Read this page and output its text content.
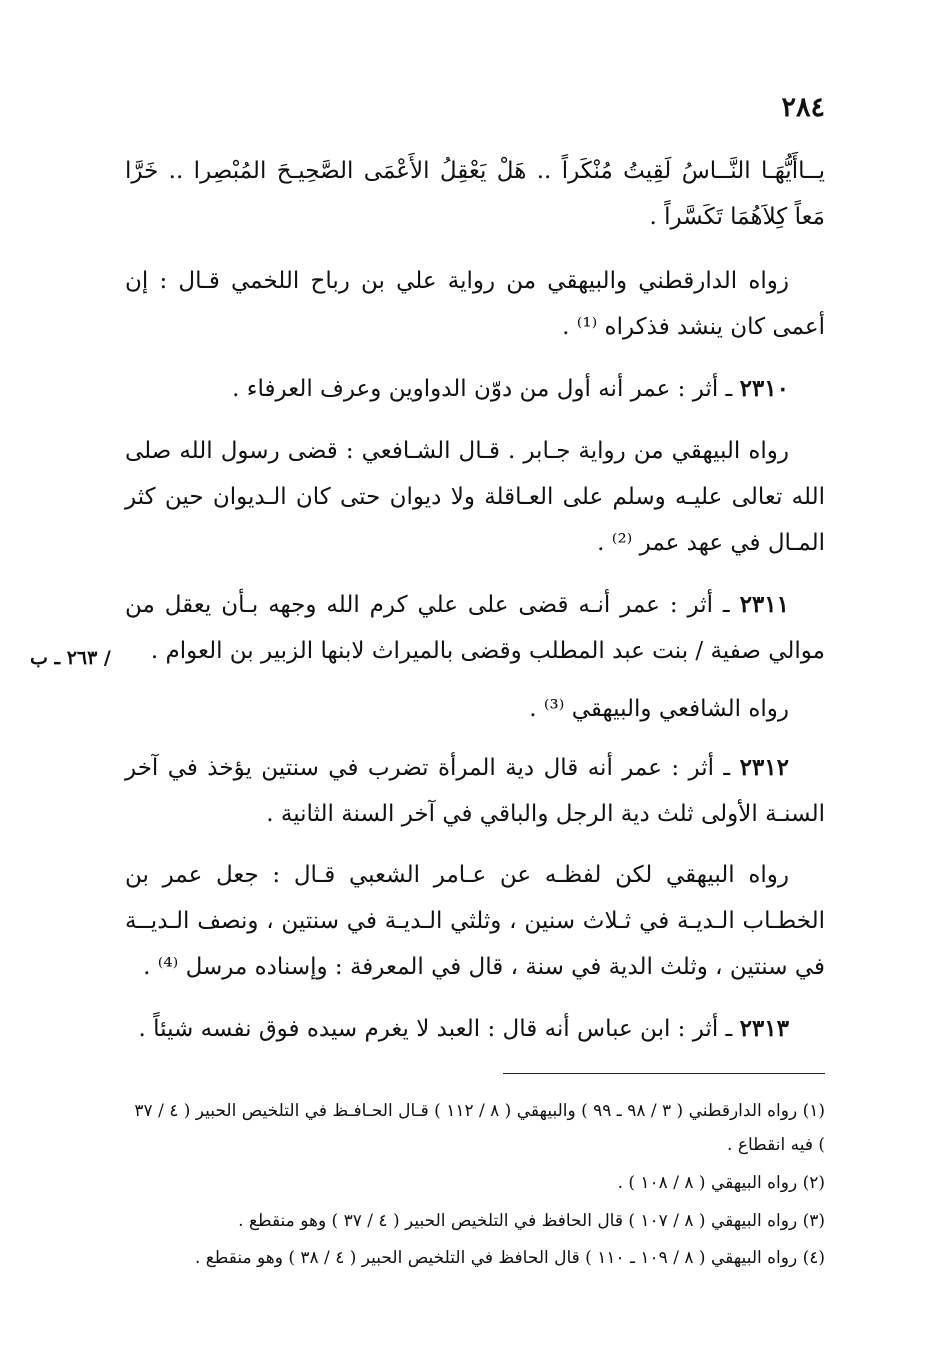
٢٨٤
يــاأَيُّهَـا النَّــاسُ لَقِيتُ مُنْكَراً .. هَلْ يَعْقِلُ الأَعْمَى الصَّحِيـحَ المُبْصِرا .. خَرَّا مَعاً كِلاَهُمَا تَكَسَّراً .
زواه الدارقطني والبيهقي من رواية علي بن رباح اللخمي قـال : إن أعمى كان ينشد فذكراه ⁽¹⁾ .
٢٣١٠ ـ أثر : عمر أنه أول من دوّن الدواوين وعرف العرفاء .
رواه البيهقي من رواية جـابر . قـال الشـافعي : قضى رسول الله صلى الله تعالى عليـه وسلم على العـاقلة ولا ديوان حتى كان الـديوان حين كثر المـال في عهد عمر ⁽²⁾ .
٢٣١١ ـ أثر : عمر أنـه قضى على علي كرم الله وجهه بـأن يعقل من موالي صفية / بنت عبد المطلب وقضى بالميراث لابنها الزبير بن العوام .
/ ٢٦٣ ـ ب
رواه الشافعي والبيهقي ⁽³⁾ .
٢٣١٢ ـ أثر : عمر أنه قال دية المرأة تضرب في سنتين يؤخذ في آخر السنـة الأولى ثلث دية الرجل والباقي في آخر السنة الثانية .
رواه البيهقي لكن لفظـه عن عـامر الشعبي قـال : جعل عمر بن الخطـاب الـديـة في ثـلاث سنين ، وثلثي الـديـة في سنتين ، ونصف الـديــة في سنتين ، وثلث الدية في سنة ، قال في المعرفة : وإسناده مرسل ⁽⁴⁾ .
٢٣١٣ ـ أثر : ابن عباس أنه قال : العبد لا يغرم سيده فوق نفسه شيئاً .
(١) رواه الدارقطني ( ٣ / ٩٨ ـ ٩٩ ) والبيهقي ( ٨ / ١١٢ ) قـال الحـافـظ في التلخيص الحبير ( ٤ / ٣٧ ) فيه انقطاع .
(٢) رواه البيهقي ( ٨ / ١٠٨ ) .
(٣) رواه البيهقي ( ٨ / ١٠٧ ) قال الحافظ في التلخيص الحبير ( ٤ / ٣٧ ) وهو منقطع .
(٤) رواه البيهقي ( ٨ / ١٠٩ ـ ١١٠ ) قال الحافظ في التلخيص الحبير ( ٤ / ٣٨ ) وهو منقطع .
